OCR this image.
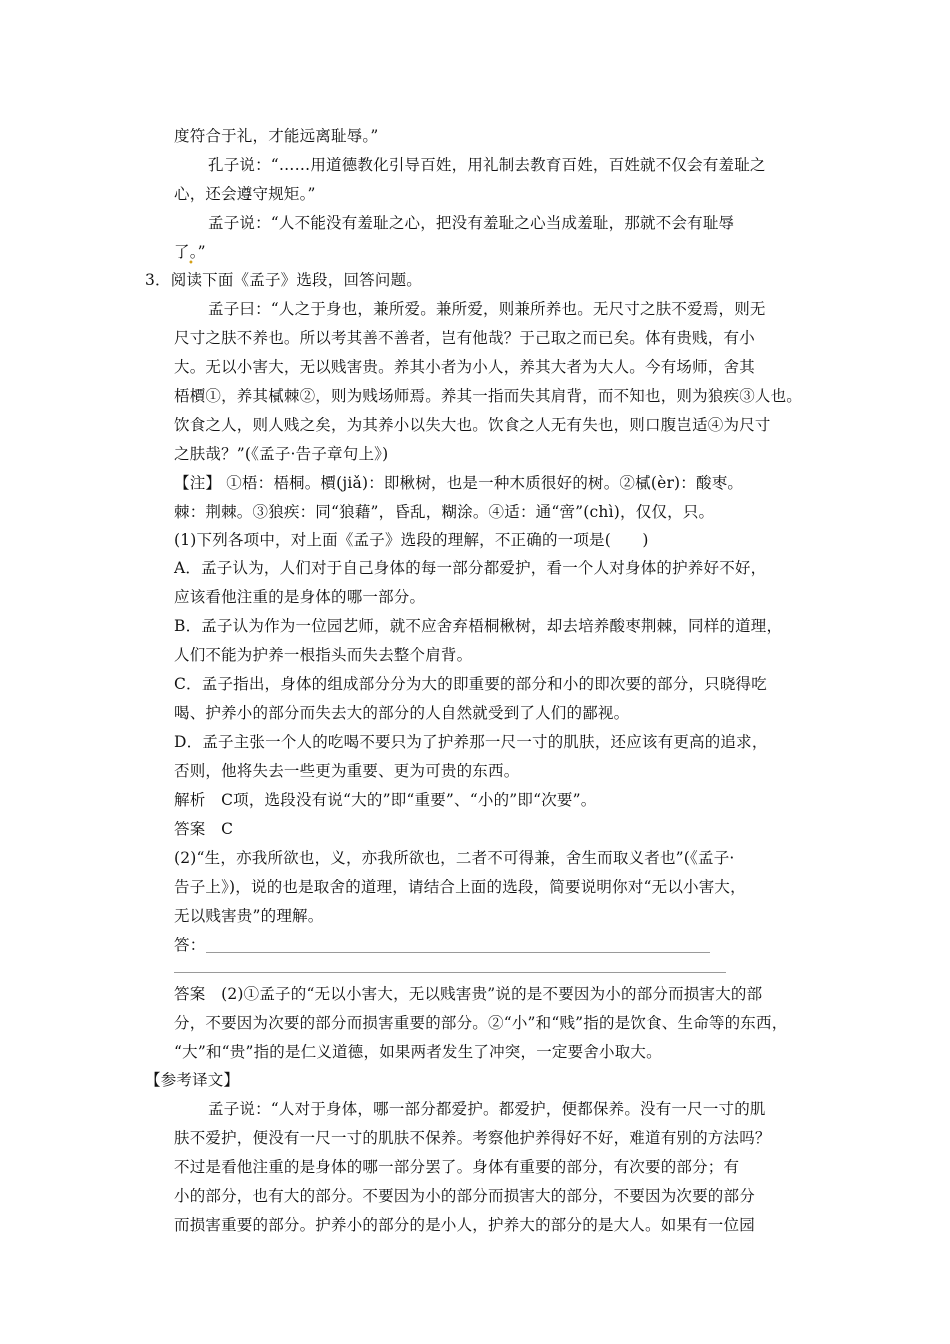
度符合于礼，才能远离耻辱。”
孔子说：“……用道德教化引导百姓，用礼制去教育百姓，百姓就不仅会有羞耻之
心，还会遵守规矩。”
孟子说：“人不能没有羞耻之心，把没有羞耻之心当成羞耻，那就不会有耻辱
了。”
•
3．阅读下面《孟子》选段，回答问题。
孟子曰：“人之于身也，兼所爱。兼所爱，则兼所养也。无尺寸之肤不爱焉，则无
尺寸之肤不养也。所以考其善不善者，岂有他哉？于己取之而已矣。体有贵贱，有小
大。无以小害大，无以贱害贵。养其小者为小人，养其大者为大人。今有场师，舍其
梧檟①，养其樲棘②，则为贱场师焉。养其一指而失其肩背，而不知也，则为狼疾③人也。
饮食之人，则人贱之矣，为其养小以失大也。饮食之人无有失也，则口腹岂适④为尺寸
之肤哉？”(《孟子·告子章句上》)
【注】 ①梧：梧桐。檟(jiǎ)：即楸树，也是一种木质很好的树。②樲(èr)：酸枣。
棘：荆棘。③狼疾：同“狼藉”，昏乱，糊涂。④适：通“啻”(chì)，仅仅，只。
(1)下列各项中，对上面《孟子》选段的理解，不正确的一项是(　　)
A．孟子认为，人们对于自己身体的每一部分都爱护，看一个人对身体的护养好不好，
应该看他注重的是身体的哪一部分。
B．孟子认为作为一位园艺师，就不应舍弃梧桐楸树，却去培养酸枣荆棘，同样的道理，
人们不能为护养一根指头而失去整个肩背。
C．孟子指出，身体的组成部分分为大的即重要的部分和小的即次要的部分，只晓得吃
喝、护养小的部分而失去大的部分的人自然就受到了人们的鄙视。
D．孟子主张一个人的吃喝不要只为了护养那一尺一寸的肌肤，还应该有更高的追求，
否则，他将失去一些更为重要、更为可贵的东西。
解析　C项，选段没有说“大的”即“重要”、“小的”即“次要”。
答案　C
(2)“生，亦我所欲也，义，亦我所欲也，二者不可得兼，舍生而取义者也”(《孟子·
告子上》)，说的也是取舍的道理，请结合上面的选段，简要说明你对“无以小害大，
无以贱害贵”的理解。
答：
答案　(2)①孟子的“无以小害大，无以贱害贵”说的是不要因为小的部分而损害大的部
分，不要因为次要的部分而损害重要的部分。②“小”和“贱”指的是饮食、生命等的东西，
“大”和“贵”指的是仁义道德，如果两者发生了冲突，一定要舍小取大。
【参考译文】
孟子说：“人对于身体，哪一部分都爱护。都爱护，便都保养。没有一尺一寸的肌
肤不爱护，便没有一尺一寸的肌肤不保养。考察他护养得好不好，难道有别的方法吗？
不过是看他注重的是身体的哪一部分罢了。身体有重要的部分，有次要的部分；有
小的部分，也有大的部分。不要因为小的部分而损害大的部分，不要因为次要的部分
而损害重要的部分。护养小的部分的是小人，护养大的部分的是大人。如果有一位园
